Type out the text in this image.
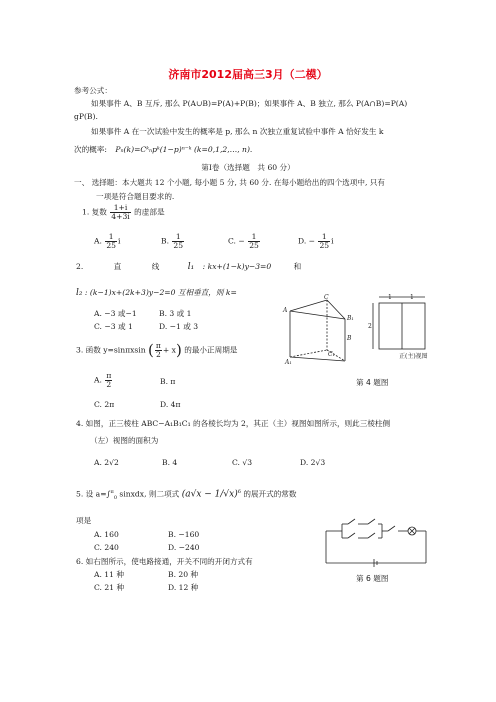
济南市2012届高三3月（二模）
参考公式：
如果事件 A、B 互斥, 那么 P(A∪B)=P(A)+P(B)；如果事件 A、B 独立, 那么 P(A∩B)=P(A)
gP(B).
如果事件 A 在一次试验中发生的概率是 p, 那么 n 次独立重复试验中事件 A 恰好发生 k
次的概率: Pₙ(k)=Cᵏₙpᵏ(1−p)ⁿ⁻ᵏ (k=0,1,2,…, n).
第Ⅰ卷（选择题　共 60 分）
一、 选择题：本大题共 12 个小题, 每小题 5 分, 共 60 分. 在每小题给出的四个选项中, 只有
一项是符合题目要求的.
1. 复数 $\frac{1+i}{4+3i}$ 的虚部是
A. $\frac{1}{25}$ i	B. $\frac{1}{25}$	C. − $\frac{1}{25}$	D. − $\frac{1}{25}$ i
2.	直	线	l₁ : kx+(1−k)y−3=0	和
l₂ : (k−1)x+(2k+3)y−2=0 互相垂直，则 k=
A. −3 或−1	B. 3 或 1
C. −3 或 1	D. −1 或 3
3. 函数 y=sinπxsin ( $\frac{\pi}{2} + x$) 的最小正周期是
A. $\frac{\pi}{2}$	B. π
C. 2π	D. 4π
4. 如图，正三棱柱 ABC−A₁B₁C₁ 的各棱长均为 2，其正（主）视图如图所示，则此三棱柱侧
（左）视图的面积为
A. 2√2	B. 4	C. √3	D. 2√3
5. 设 a=∫$^\pi_0$ sinxdx, 则二项式 $(a√x - 1/√x)^6$ 的展开式的常数
项是
A. 160	B. −160
C. 240	D. −240
6. 如右图所示，使电路接通，开关不同的开闭方式有
A. 11 种	B. 20 种
C. 21 种	D. 12 种
C
A
B₁
B
A₁
C₁
1	1
2
正(主)视图
第 4 题图
第 6 题图
